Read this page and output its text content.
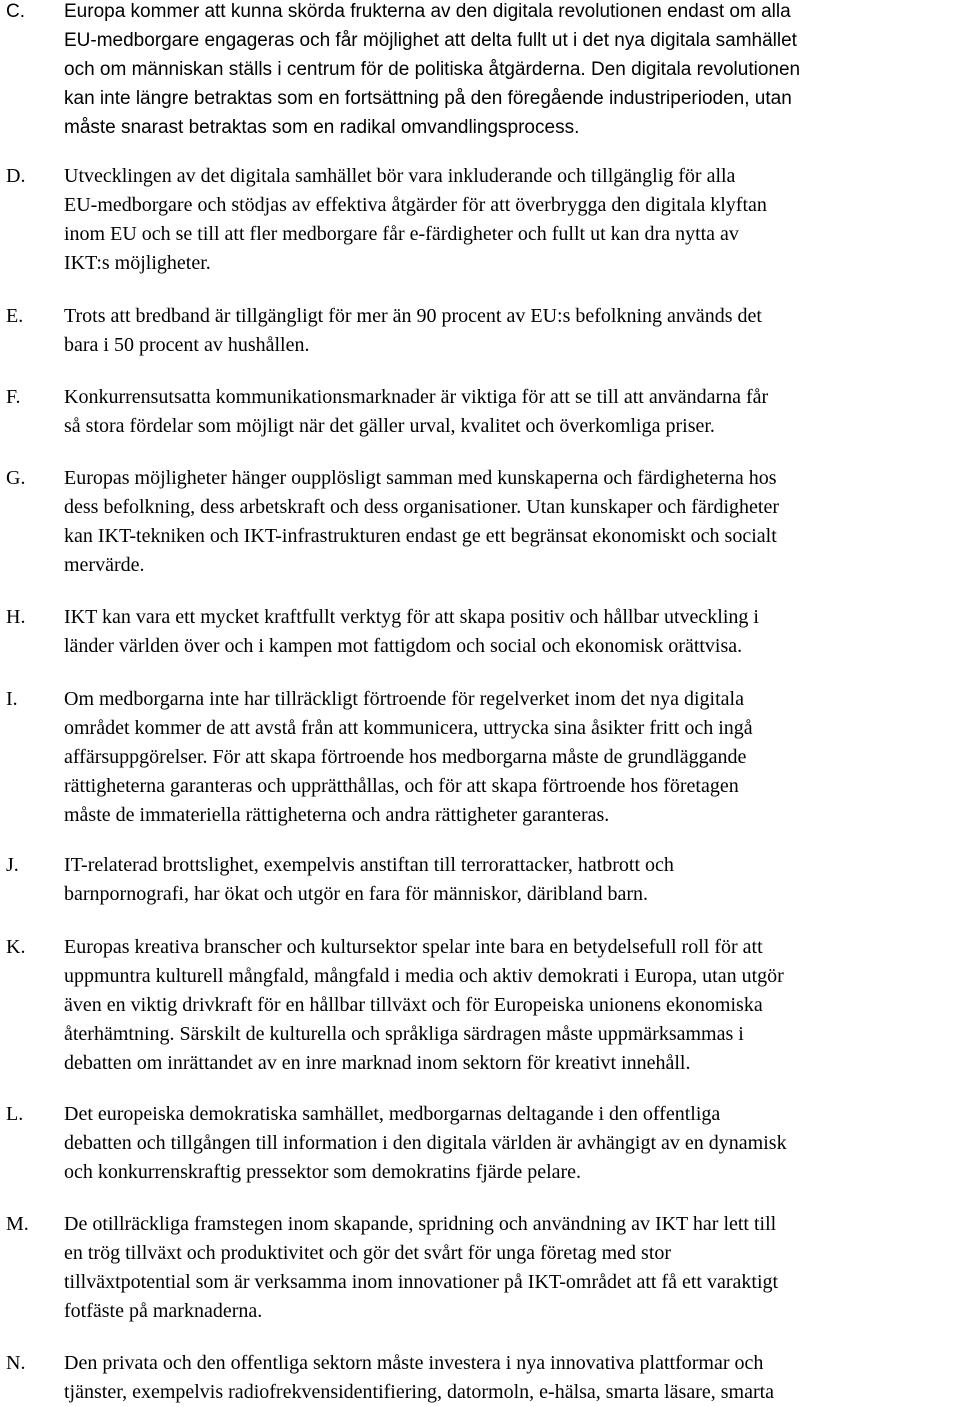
C. Europa kommer att kunna skörda frukterna av den digitala revolutionen endast om alla
EU-medborgare engageras och får möjlighet att delta fullt ut i det nya digitala samhället
och om människan ställs i centrum för de politiska åtgärderna. Den digitala revolutionen
kan inte längre betraktas som en fortsättning på den föregående industriperioden, utan
måste snarast betraktas som en radikal omvandlingsprocess.
D. Utvecklingen av det digitala samhället bör vara inkluderande och tillgänglig för alla
EU-medborgare och stödjas av effektiva åtgärder för att överbrygga den digitala klyftan
inom EU och se till att fler medborgare får e-färdigheter och fullt ut kan dra nytta av
IKT:s möjligheter.
E. Trots att bredband är tillgängligt för mer än 90 procent av EU:s befolkning används det
bara i 50 procent av hushållen.
F. Konkurrensutsatta kommunikationsmarknader är viktiga för att se till att användarna får
så stora fördelar som möjligt när det gäller urval, kvalitet och överkomliga priser.
G. Europas möjligheter hänger oupplösligt samman med kunskaperna och färdigheterna hos
dess befolkning, dess arbetskraft och dess organisationer. Utan kunskaper och färdigheter
kan IKT-tekniken och IKT-infrastrukturen endast ge ett begränsat ekonomiskt och socialt
mervärde.
H. IKT kan vara ett mycket kraftfullt verktyg för att skapa positiv och hållbar utveckling i
länder världen över och i kampen mot fattigdom och social och ekonomisk orättvisa.
I. Om medborgarna inte har tillräckligt förtroende för regelverket inom det nya digitala
området kommer de att avstå från att kommunicera, uttrycka sina åsikter fritt och ingå
affärsuppgörelser. För att skapa förtroende hos medborgarna måste de grundläggande
rättigheterna garanteras och upprätthållas, och för att skapa förtroende hos företagen
måste de immateriella rättigheterna och andra rättigheter garanteras.
J. IT-relaterad brottslighet, exempelvis anstiftan till terrorattacker, hatbrott och
barnpornografi, har ökat och utgör en fara för människor, däribland barn.
K. Europas kreativa branscher och kultursektor spelar inte bara en betydelsefull roll för att
uppmuntra kulturell mångfald, mångfald i media och aktiv demokrati i Europa, utan utgör
även en viktig drivkraft för en hållbar tillväxt och för Europeiska unionens ekonomiska
återhämtning. Särskilt de kulturella och språkliga särdragen måste uppmärksammas i
debatten om inrättandet av en inre marknad inom sektorn för kreativt innehåll.
L. Det europeiska demokratiska samhället, medborgarnas deltagande i den offentliga
debatten och tillgången till information i den digitala världen är avhängigt av en dynamisk
och konkurrenskraftig pressektor som demokratins fjärde pelare.
M. De otillräckliga framstegen inom skapande, spridning och användning av IKT har lett till
en trög tillväxt och produktivitet och gör det svårt för unga företag med stor
tillväxtpotential som är verksamma inom innovationer på IKT-området att få ett varaktigt
fotfäste på marknaderna.
N. Den privata och den offentliga sektorn måste investera i nya innovativa plattformar och
tjänster, exempelvis radiofrekvensidentifiering, datormoln, e-hälsa, smarta läsare, smarta
